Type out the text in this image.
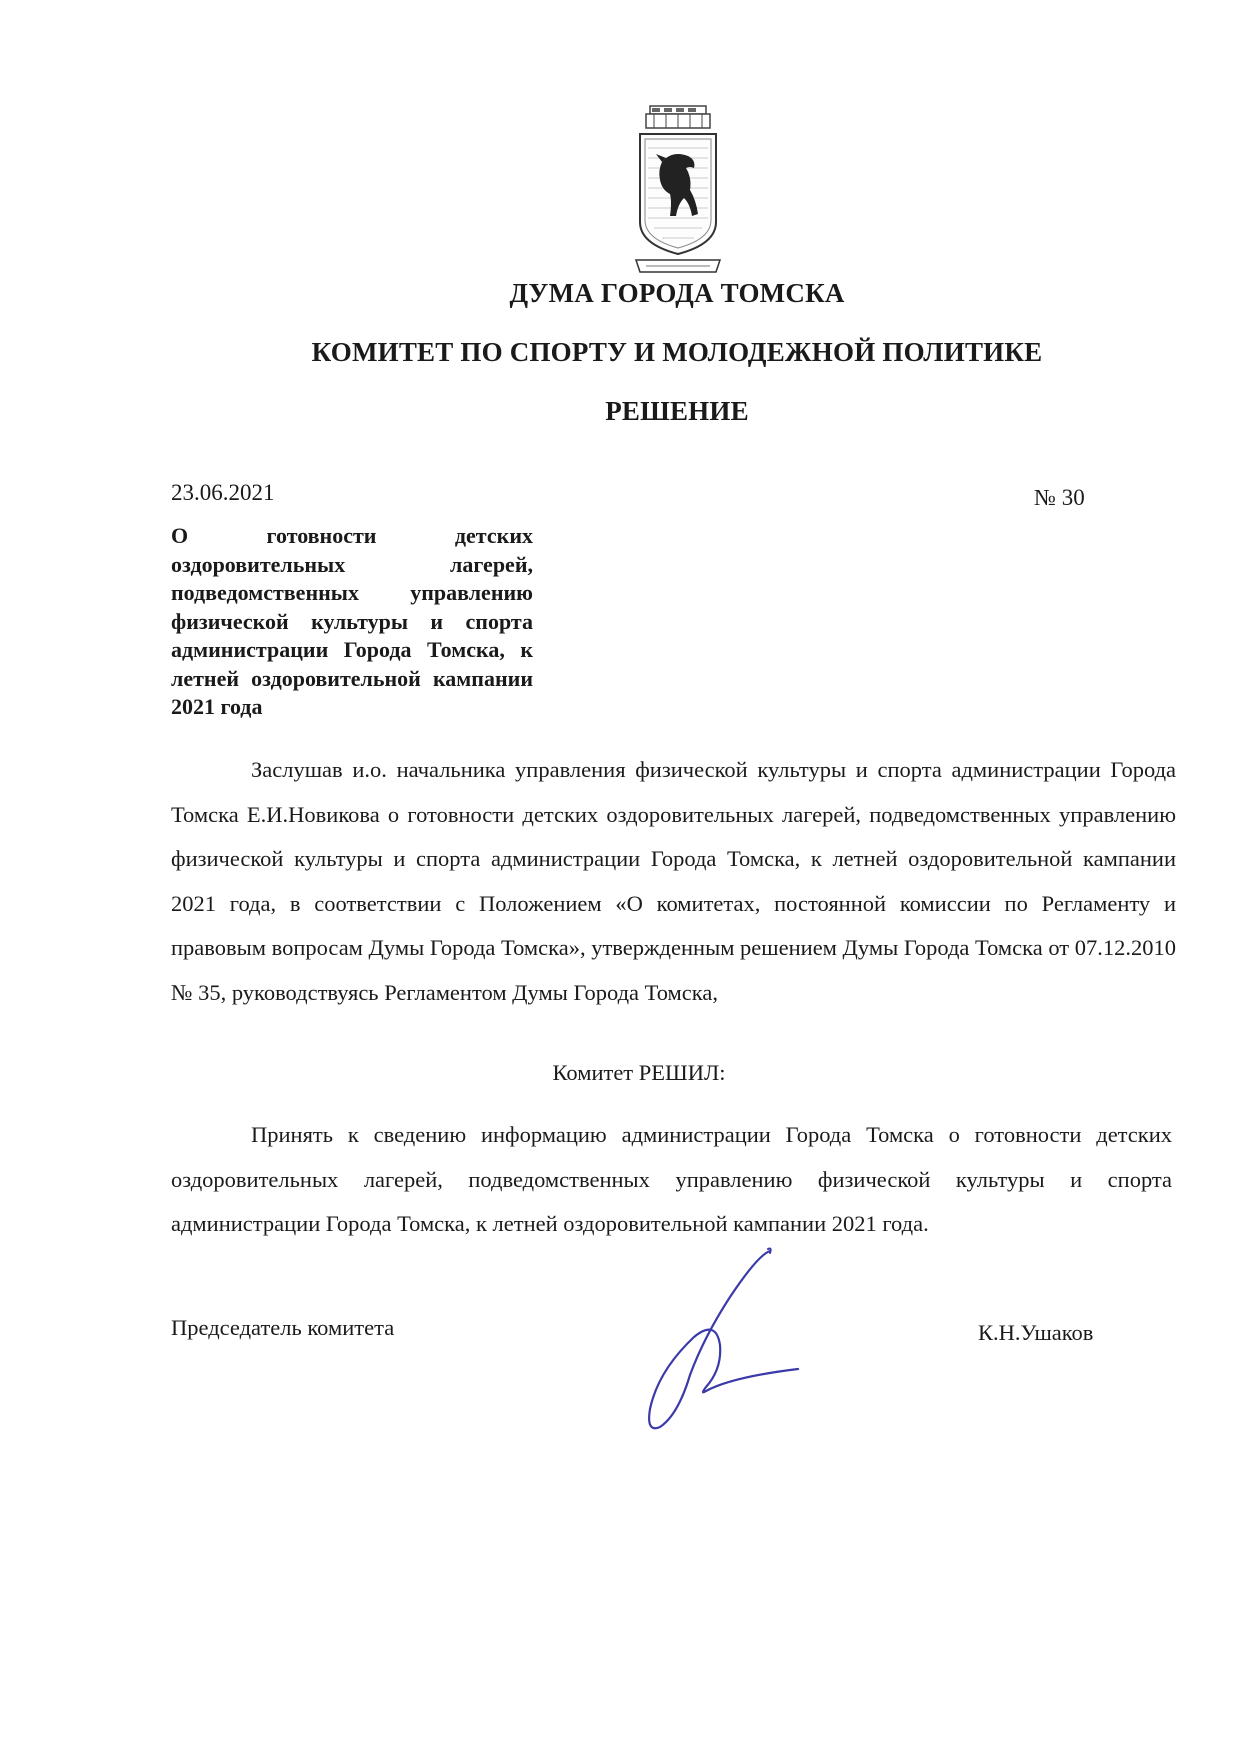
ДУМА ГОРОДА ТОМСКА
КОМИТЕТ ПО СПОРТУ И МОЛОДЕЖНОЙ ПОЛИТИКЕ
РЕШЕНИЕ
23.06.2021	№ 30
О готовности детских оздоровительных лагерей, подведомственных управлению физической культуры и спорта администрации Города Томска, к летней оздоровительной кампании 2021 года
Заслушав и.о. начальника управления физической культуры и спорта администрации Города Томска Е.И.Новикова о готовности детских оздоровительных лагерей, подведомственных управлению физической культуры и спорта администрации Города Томска, к летней оздоровительной кампании 2021 года, в соответствии с Положением «О комитетах, постоянной комиссии по Регламенту и правовым вопросам Думы Города Томска», утвержденным решением Думы Города Томска от 07.12.2010 № 35, руководствуясь Регламентом Думы Города Томска,
Комитет РЕШИЛ:
Принять к сведению информацию администрации Города Томска о готовности детских оздоровительных лагерей, подведомственных управлению физической культуры и спорта администрации Города Томска, к летней оздоровительной кампании 2021 года.
Председатель комитета	К.Н.Ушаков
